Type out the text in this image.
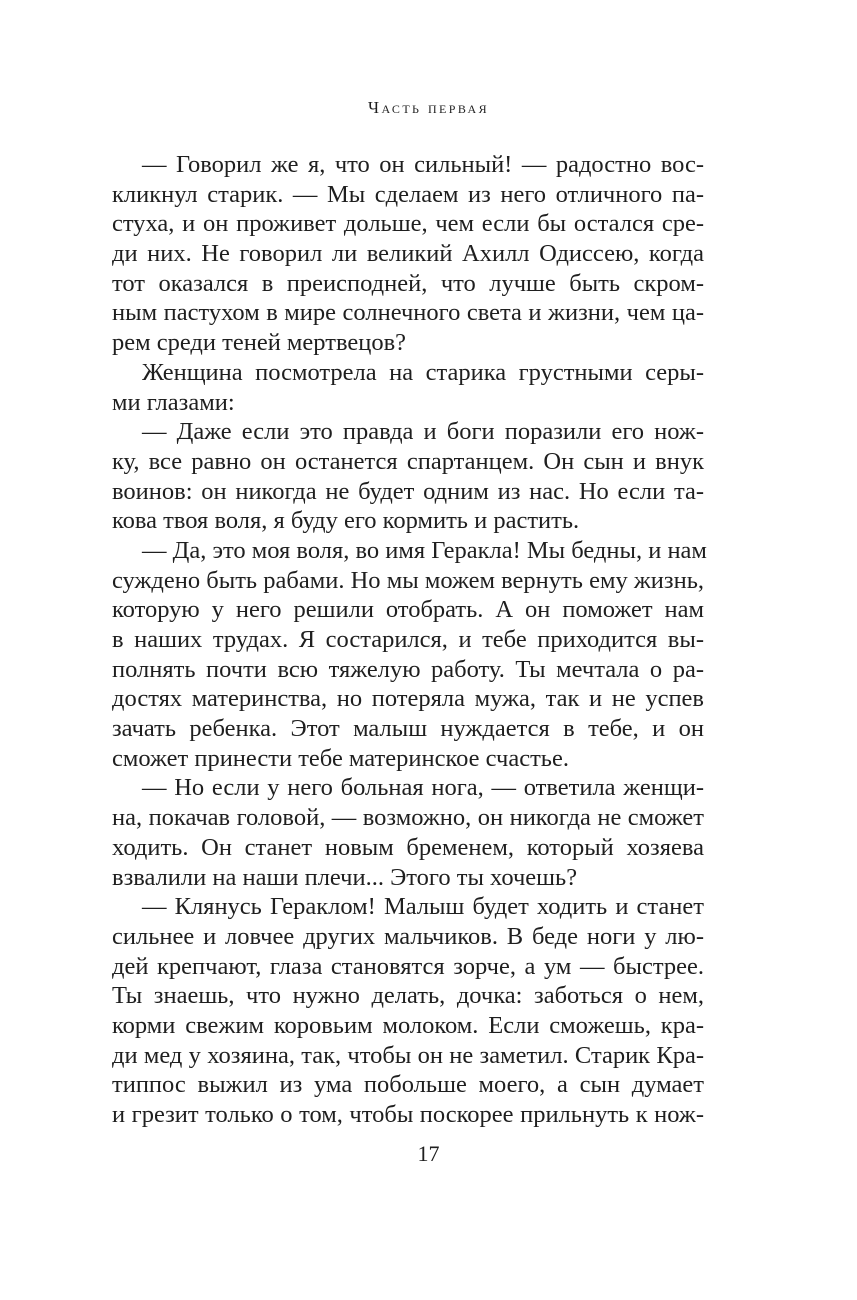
Часть первая
— Говорил же я, что он сильный! — радостно вос-
кликнул старик. — Мы сделаем из него отличного па-
стуха, и он проживет дольше, чем если бы остался сре-
ди них. Не говорил ли великий Ахилл Одиссею, когда
тот оказался в преисподней, что лучше быть скром-
ным пастухом в мире солнечного света и жизни, чем ца-
рем среди теней мертвецов?
Женщина посмотрела на старика грустными серы-
ми глазами:
— Даже если это правда и боги поразили его нож-
ку, все равно он останется спартанцем. Он сын и внук
воинов: он никогда не будет одним из нас. Но если та-
кова твоя воля, я буду его кормить и растить.
— Да, это моя воля, во имя Геракла! Мы бедны, и нам
суждено быть рабами. Но мы можем вернуть ему жизнь,
которую у него решили отобрать. А он поможет нам
в наших трудах. Я состарился, и тебе приходится вы-
полнять почти всю тяжелую работу. Ты мечтала о ра-
достях материнства, но потеряла мужа, так и не успев
зачать ребенка. Этот малыш нуждается в тебе, и он
сможет принести тебе материнское счастье.
— Но если у него больная нога, — ответила женщи-
на, покачав головой, — возможно, он никогда не сможет
ходить. Он станет новым бременем, который хозяева
взвалили на наши плечи... Этого ты хочешь?
— Клянусь Гераклом! Малыш будет ходить и станет
сильнее и ловчее других мальчиков. В беде ноги у лю-
дей крепчают, глаза становятся зорче, а ум — быстрее.
Ты знаешь, что нужно делать, дочка: заботься о нем,
корми свежим коровьим молоком. Если сможешь, кра-
ди мед у хозяина, так, чтобы он не заметил. Старик Кра-
типпос выжил из ума побольше моего, а сын думает
и грезит только о том, чтобы поскорее прильнуть к нож-
17
